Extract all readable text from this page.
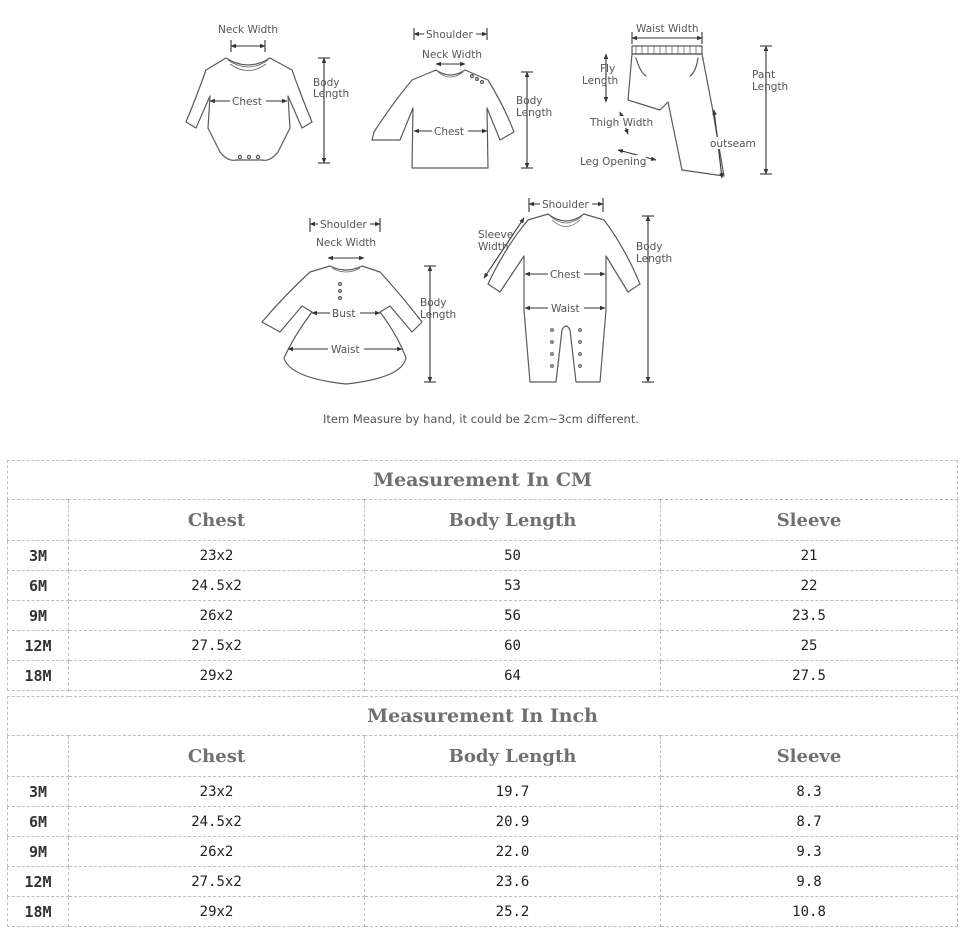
Neck Width
Chest
Body
Length
Shoulder
Neck Width
Chest
Body
Length
Waist Width
Fly
Length	Pant
Length
Thigh Width
outseam
Leg Opening
Shoulder
Neck Width
Bust
Waist
Body
Length
Shoulder
Sleeve
Width
Chest
Waist
Body
Length
Item Measure by hand, it could be 2cm~3cm different.
Measurement In CM			
	Chest	Body Length	Sleeve
3M	23x2	50	21
6M	24.5x2	53	22
9M	26x2	56	23.5
12M	27.5x2	60	25
18M	29x2	64	27.5
Measurement In Inch			
	Chest	Body Length	Sleeve
3M	23x2	19.7	8.3
6M	24.5x2	20.9	8.7
9M	26x2	22.0	9.3
12M	27.5x2	23.6	9.8
18M	29x2	25.2	10.8
